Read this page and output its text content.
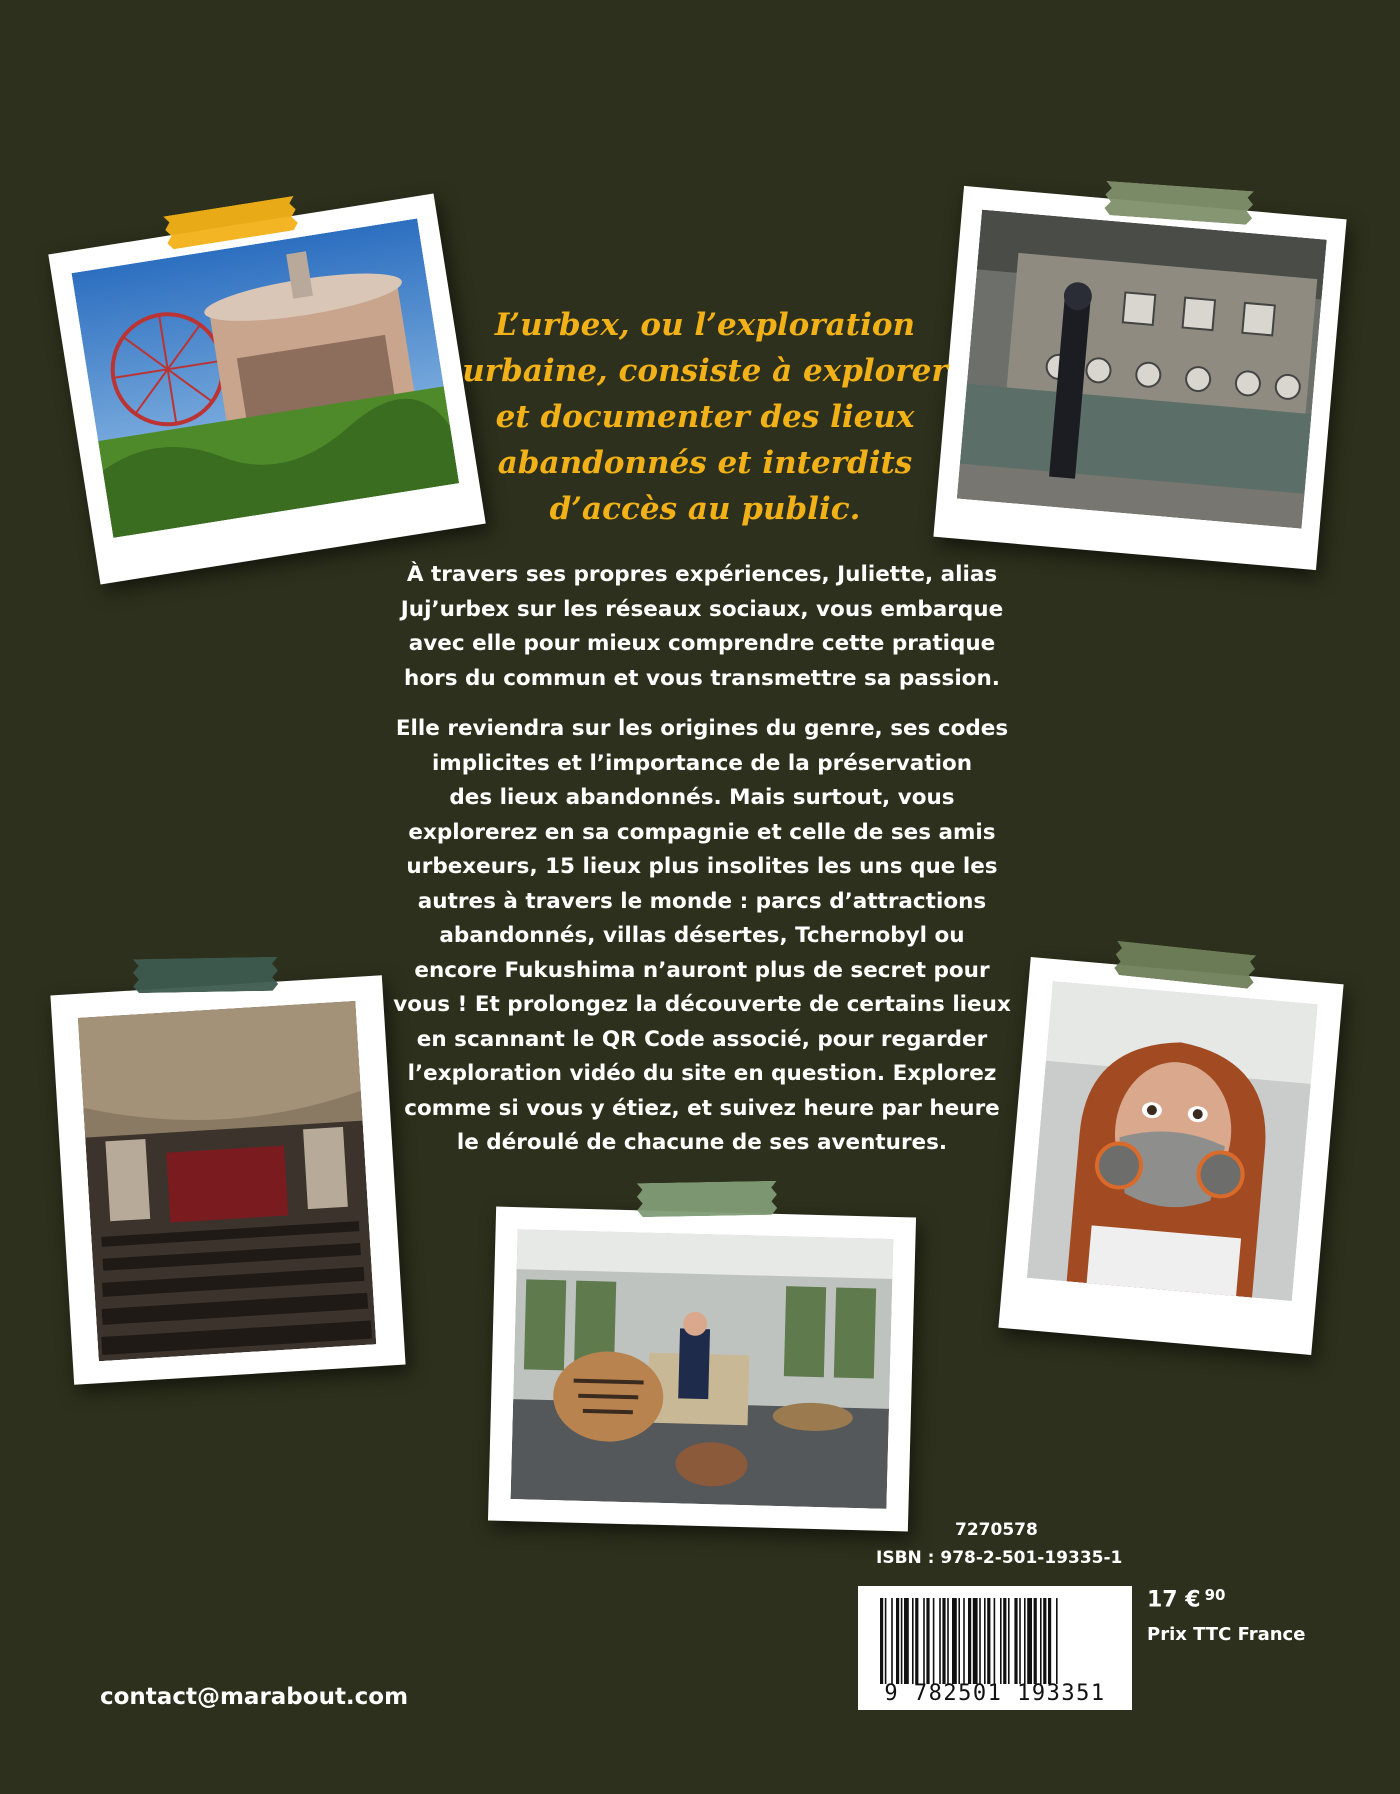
L’urbex, ou l’exploration
urbaine, consiste à explorer
et documenter des lieux
abandonnés et interdits
d’accès au public.
À travers ses propres expériences, Juliette, alias
Juj’urbex sur les réseaux sociaux, vous embarque
avec elle pour mieux comprendre cette pratique
hors du commun et vous transmettre sa passion.
Elle reviendra sur les origines du genre, ses codes
implicites et l’importance de la préservation
des lieux abandonnés. Mais surtout, vous
explorerez en sa compagnie et celle de ses amis
urbexeurs, 15 lieux plus insolites les uns que les
autres à travers le monde : parcs d’attractions
abandonnés, villas désertes, Tchernobyl ou
encore Fukushima n’auront plus de secret pour
vous ! Et prolongez la découverte de certains lieux
en scannant le QR Code associé, pour regarder
l’exploration vidéo du site en question. Explorez
comme si vous y étiez, et suivez heure par heure
le déroulé de chacune de ses aventures.
7270578
ISBN : 978-2-501-19335-1
9 782501 193351
17 € 90
Prix TTC France
contact@marabout.com
